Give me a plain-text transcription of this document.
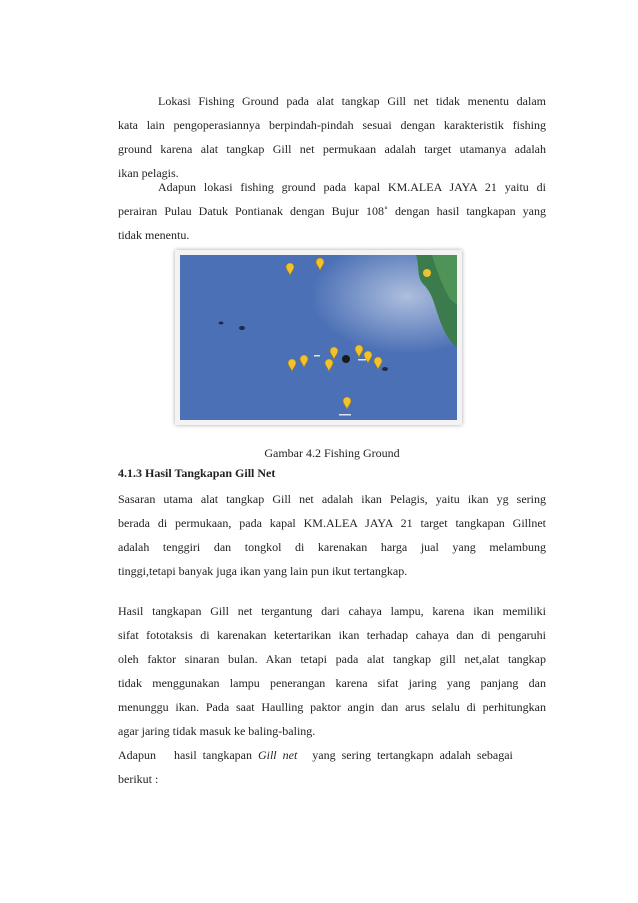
Lokasi Fishing Ground pada alat tangkap Gill net tidak menentu dalam
kata lain pengoperasiannya berpindah-pindah sesuai dengan karakteristik fishing
ground karena alat tangkap Gill net permukaan adalah target utamanya adalah
ikan pelagis.
Adapun lokasi fishing ground pada kapal KM.ALEA JAYA 21 yaitu di
perairan Pulau Datuk Pontianak dengan Bujur 108˚ dengan hasil tangkapan yang
tidak menentu.
Gambar 4.2 Fishing Ground
4.1.3 Hasil Tangkapan Gill Net
Sasaran utama alat tangkap Gill net adalah ikan Pelagis, yaitu ikan yg sering
berada di permukaan, pada kapal KM.ALEA JAYA 21 target tangkapan Gillnet
adalah tenggiri dan tongkol di karenakan harga jual yang melambung
tinggi,tetapi banyak juga ikan yang lain pun ikut tertangkap.
Hasil tangkapan Gill net tergantung dari cahaya lampu, karena ikan memiliki
sifat fototaksis di karenakan ketertarikan ikan terhadap cahaya dan di pengaruhi
oleh faktor sinaran bulan. Akan tetapi pada alat tangkap gill net,alat tangkap
tidak menggunakan lampu penerangan karena sifat jaring yang panjang dan
menunggu ikan. Pada saat Haulling paktor angin dan arus selalu di perhitungkan
agar jaring tidak masuk ke baling-baling.
Adapun      hasil  tangkapan  Gill  net     yang  sering  tertangkapn  adalah  sebagai
berikut :
